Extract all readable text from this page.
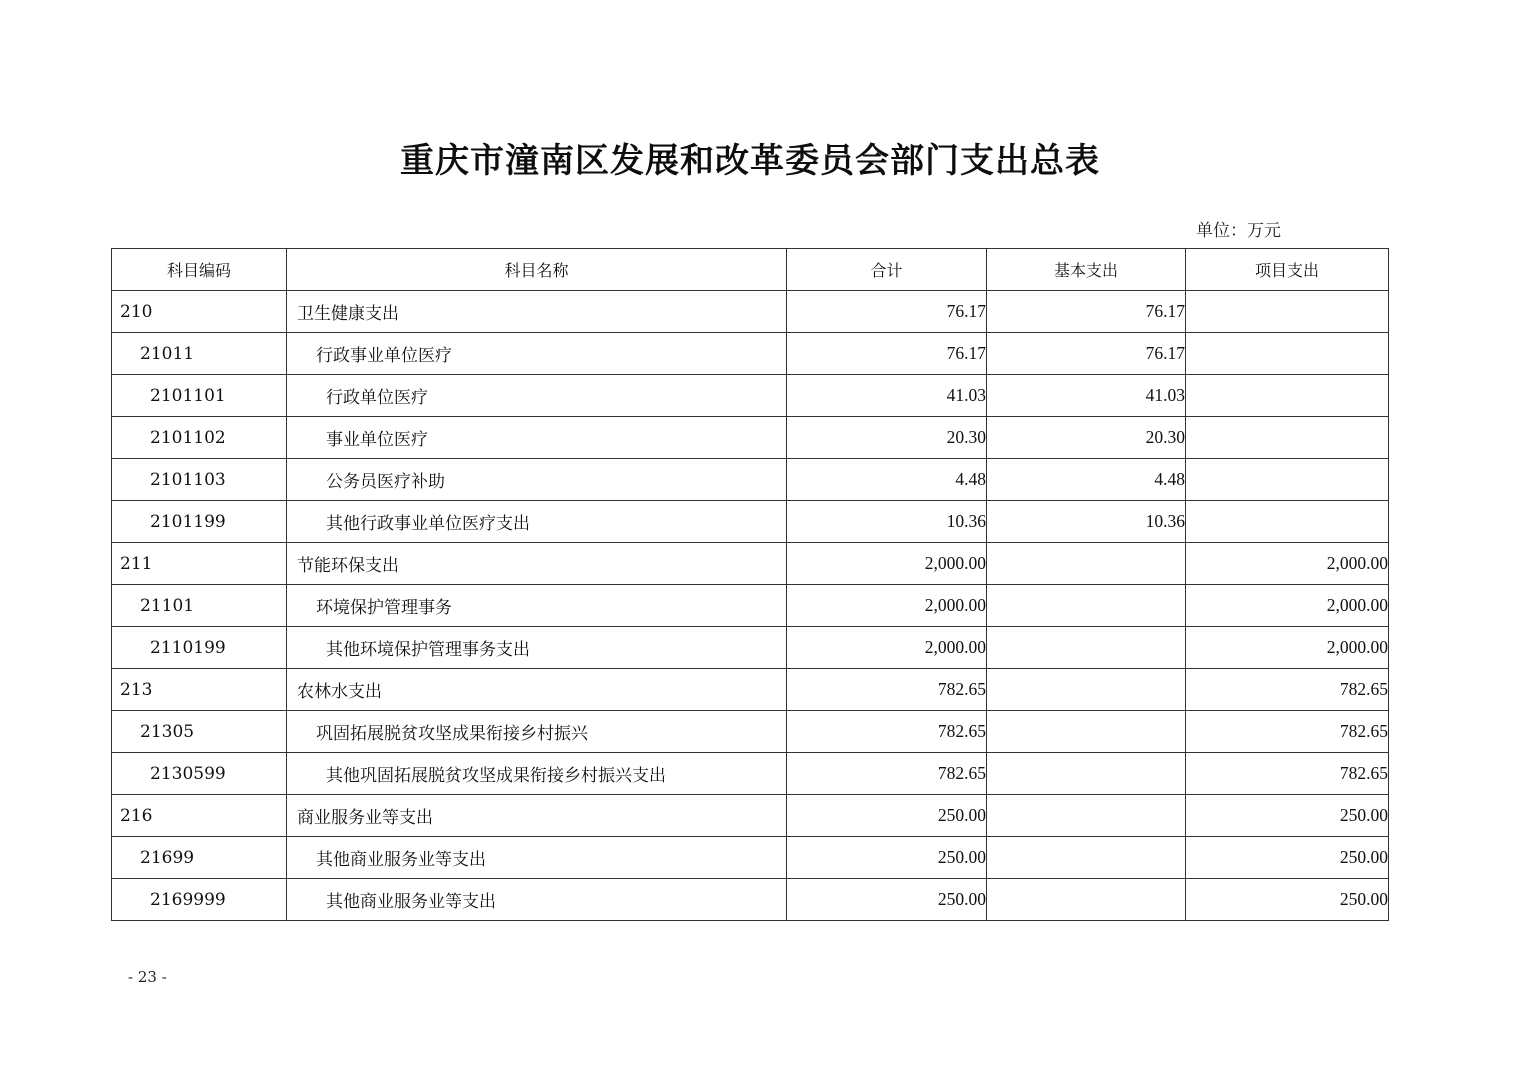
重庆市潼南区发展和改革委员会部门支出总表
单位：万元
科目编码	科目名称	合计	基本支出	项目支出
210	卫生健康支出	76.17	76.17	
21011	行政事业单位医疗	76.17	76.17	
2101101	行政单位医疗	41.03	41.03	
2101102	事业单位医疗	20.30	20.30	
2101103	公务员医疗补助	4.48	4.48	
2101199	其他行政事业单位医疗支出	10.36	10.36	
211	节能环保支出	2,000.00		2,000.00
21101	环境保护管理事务	2,000.00		2,000.00
2110199	其他环境保护管理事务支出	2,000.00		2,000.00
213	农林水支出	782.65		782.65
21305	巩固拓展脱贫攻坚成果衔接乡村振兴	782.65		782.65
2130599	其他巩固拓展脱贫攻坚成果衔接乡村振兴支出	782.65		782.65
216	商业服务业等支出	250.00		250.00
21699	其他商业服务业等支出	250.00		250.00
2169999	其他商业服务业等支出	250.00		250.00
- 23 -
